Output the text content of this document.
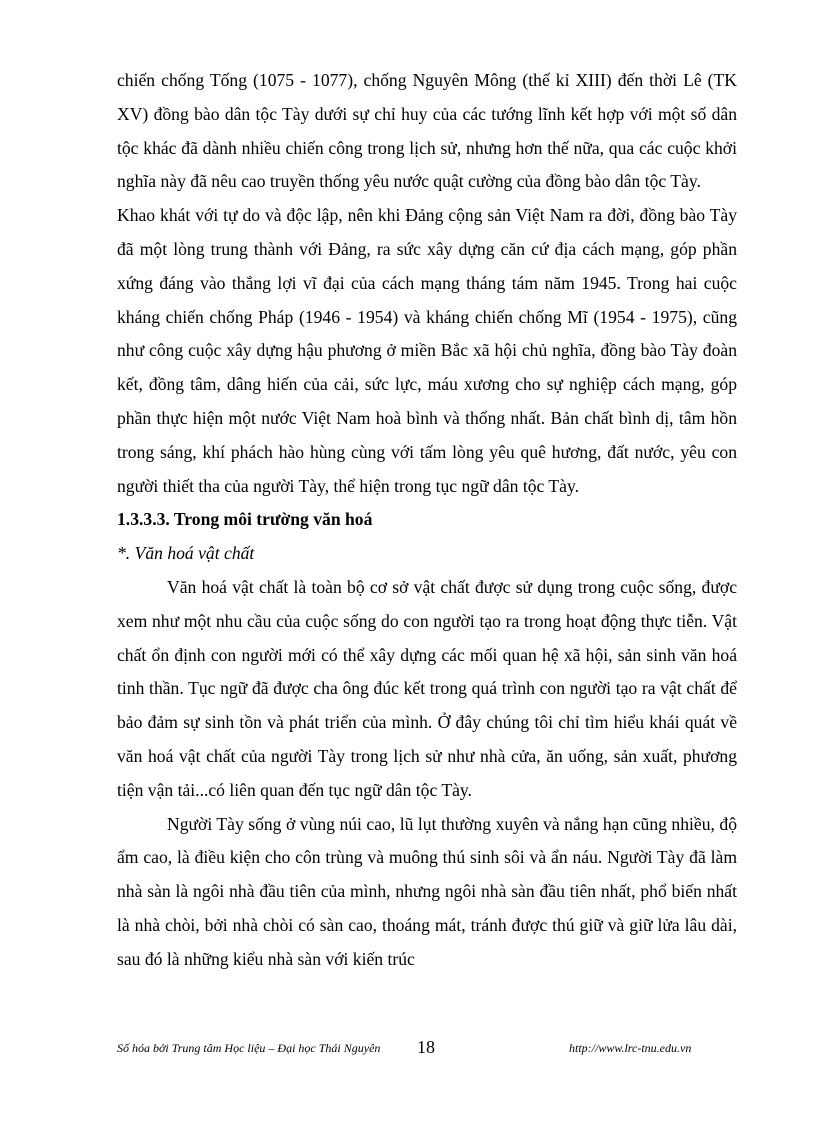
chiến chống Tống (1075 - 1077), chống Nguyên Mông (thế kỉ XIII) đến thời Lê (TK XV) đồng bào dân tộc Tày dưới sự chỉ huy của các tướng lĩnh kết hợp với một số dân tộc khác đã dành nhiều chiến công trong lịch sử, nhưng hơn thế nữa, qua các cuộc khởi nghĩa này đã nêu cao truyền thống yêu nước quật cường của đồng bào dân tộc Tày.

Khao khát với tự do và độc lập, nên khi Đảng cộng sản Việt Nam ra đời, đồng bào Tày đã một lòng trung thành với Đảng, ra sức xây dựng căn cứ địa cách mạng, góp phần xứng đáng vào thắng lợi vĩ đại của cách mạng tháng tám năm 1945. Trong hai cuộc kháng chiến chống Pháp (1946 - 1954) và kháng chiến chống Mĩ (1954 - 1975), cũng như công cuộc xây dựng hậu phương ở miền Bắc xã hội chủ nghĩa, đồng bào Tày đoàn kết, đồng tâm, dâng hiến của cải, sức lực, máu xương cho sự nghiệp cách mạng, góp phần thực hiện một nước Việt Nam hoà bình và thống nhất. Bản chất bình dị, tâm hồn trong sáng, khí phách hào hùng cùng với tấm lòng yêu quê hương, đất nước, yêu con người thiết tha của người Tày, thể hiện trong tục ngữ dân tộc Tày.

1.3.3.3. Trong môi trường văn hoá

*. Văn hoá vật chất

Văn hoá vật chất là toàn bộ cơ sở vật chất được sử dụng trong cuộc sống, được xem như một nhu cầu của cuộc sống do con người tạo ra trong hoạt động thực tiễn. Vật chất ổn định con người mới có thể xây dựng các mối quan hệ xã hội, sản sinh văn hoá tinh thần. Tục ngữ đã được cha ông đúc kết trong quá trình con người tạo ra vật chất để bảo đảm sự sinh tồn và phát triển của mình. Ở đây chúng tôi chỉ tìm hiểu khái quát về văn hoá vật chất của người Tày trong lịch sử như nhà cửa, ăn uống, sản xuất, phương tiện vận tải...có liên quan đến tục ngữ dân tộc Tày.

Người Tày sống ở vùng núi cao, lũ lụt thường xuyên và nắng hạn cũng nhiều, độ ẩm cao, là điều kiện cho côn trùng và muông thú sinh sôi và ẩn náu. Người Tày đã làm nhà sàn là ngôi nhà đầu tiên của mình, nhưng ngôi nhà sàn đầu tiên nhất, phổ biến nhất là nhà chòi, bởi nhà chòi có sàn cao, thoáng mát, tránh được thú giữ và giữ lửa lâu dài, sau đó là những kiểu nhà sàn với kiến trúc

Số hóa bởi Trung tâm Học liệu – Đại học Thái Nguyên 18	http://www.lrc-tnu.edu.vn
